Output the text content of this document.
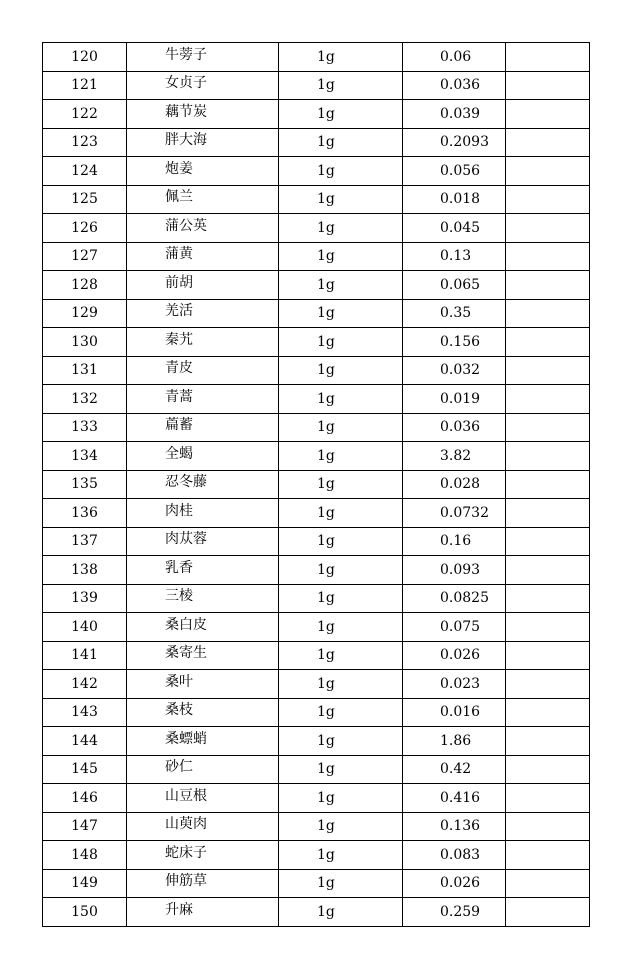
120	牛蒡子	1g	0.06	
121	女贞子	1g	0.036	
122	藕节炭	1g	0.039	
123	胖大海	1g	0.2093	
124	炮姜	1g	0.056	
125	佩兰	1g	0.018	
126	蒲公英	1g	0.045	
127	蒲黄	1g	0.13	
128	前胡	1g	0.065	
129	羌活	1g	0.35	
130	秦艽	1g	0.156	
131	青皮	1g	0.032	
132	青蒿	1g	0.019	
133	萹蓄	1g	0.036	
134	全蝎	1g	3.82	
135	忍冬藤	1g	0.028	
136	肉桂	1g	0.0732	
137	肉苁蓉	1g	0.16	
138	乳香	1g	0.093	
139	三棱	1g	0.0825	
140	桑白皮	1g	0.075	
141	桑寄生	1g	0.026	
142	桑叶	1g	0.023	
143	桑枝	1g	0.016	
144	桑螵蛸	1g	1.86	
145	砂仁	1g	0.42	
146	山豆根	1g	0.416	
147	山萸肉	1g	0.136	
148	蛇床子	1g	0.083	
149	伸筋草	1g	0.026	
150	升麻	1g	0.259	
